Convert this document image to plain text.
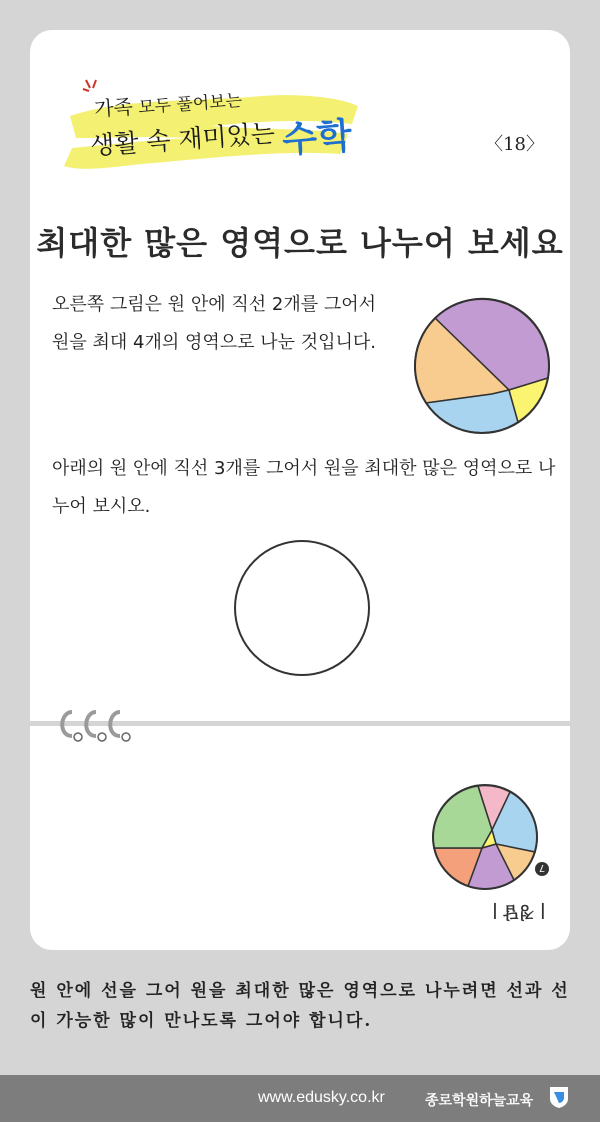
가족 모두 풀어보는
생활 속 재미있는 수학	〈18〉
최대한 많은 영역으로 나누어 보세요
오른쪽 그림은 원 안에 직선 2개를 그어서 원을 최대 4개의 영역으로 나눈 것입니다.
아래의 원 안에 직선 3개를 그어서 원을 최대한 많은 영역으로 나누어 보시오.
7
| 정답 |
원 안에 선을 그어 원을 최대한 많은 영역으로 나누려면 선과 선이 가능한 많이 만나도록 그어야 합니다.
www.edusky.co.kr	종로학원하늘교육
